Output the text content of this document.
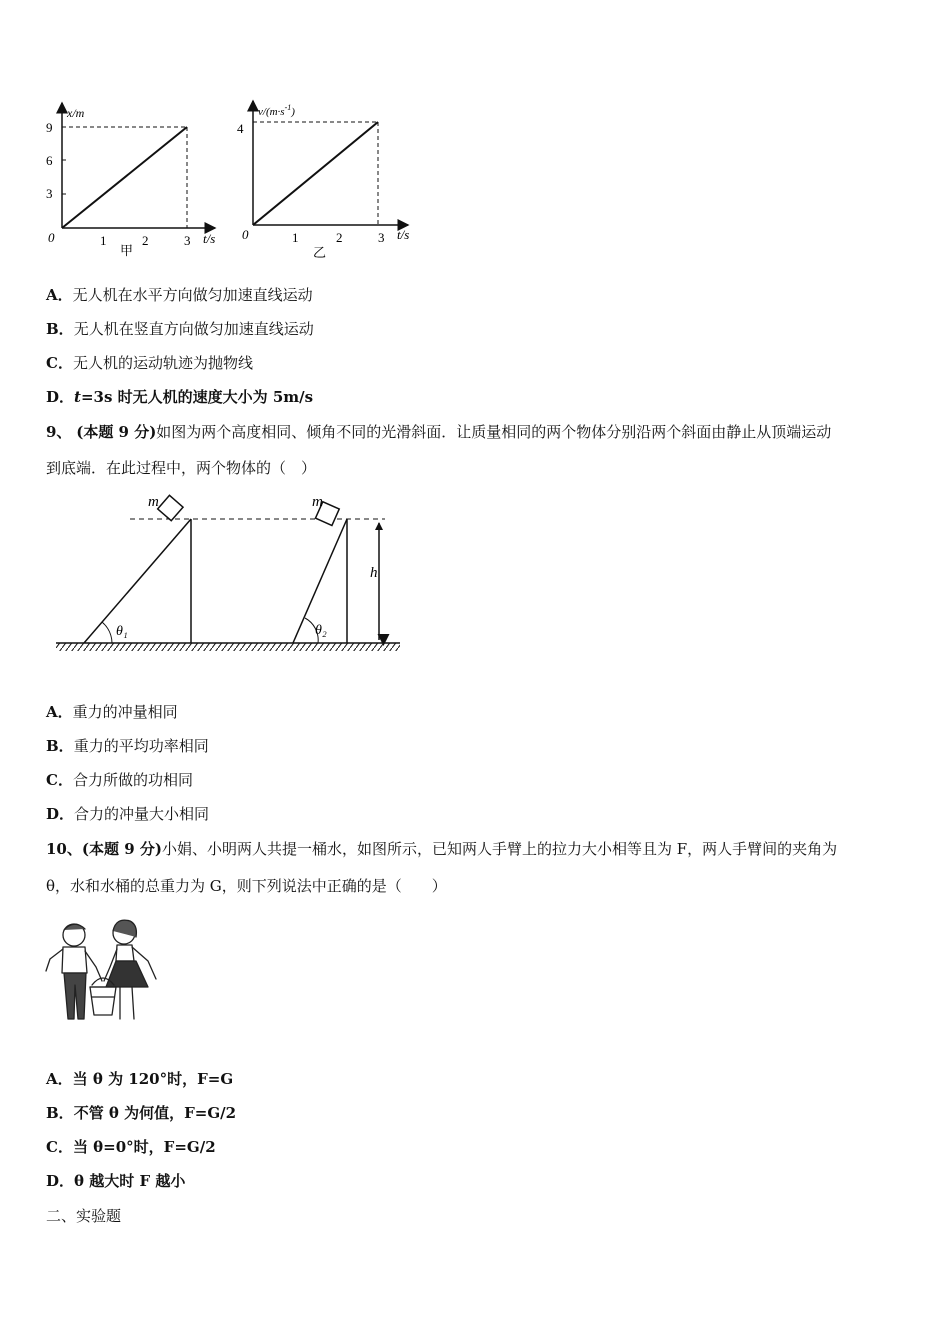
x/m
t/s
0
9
6
3
1	2	3
甲
$v/(m\cdot s^{-1})$
t/s
0
4
1	2	3
乙
A．无人机在水平方向做匀加速直线运动
B．无人机在竖直方向做匀加速直线运动
C．无人机的运动轨迹为抛物线
D．t=3s 时无人机的速度大小为 5m/s
9、 (本题 9 分)如图为两个高度相同、倾角不同的光滑斜面．让质量相同的两个物体分别沿两个斜面由静止从顶端运动
到底端．在此过程中，两个物体的（　）
m
θ₁
m
θ₂
h
A．重力的冲量相同
B．重力的平均功率相同
C．合力所做的功相同
D．合力的冲量大小相同
10、(本题 9 分)小娟、小明两人共提一桶水，如图所示，已知两人手臂上的拉力大小相等且为 F，两人手臂间的夹角为
θ，水和水桶的总重力为 G，则下列说法中正确的是（　　）
A．当 θ 为 120°时，F=G
B．不管 θ 为何值，F=G/2
C．当 θ=0°时，F=G/2
D．θ 越大时 F 越小
二、实验题
